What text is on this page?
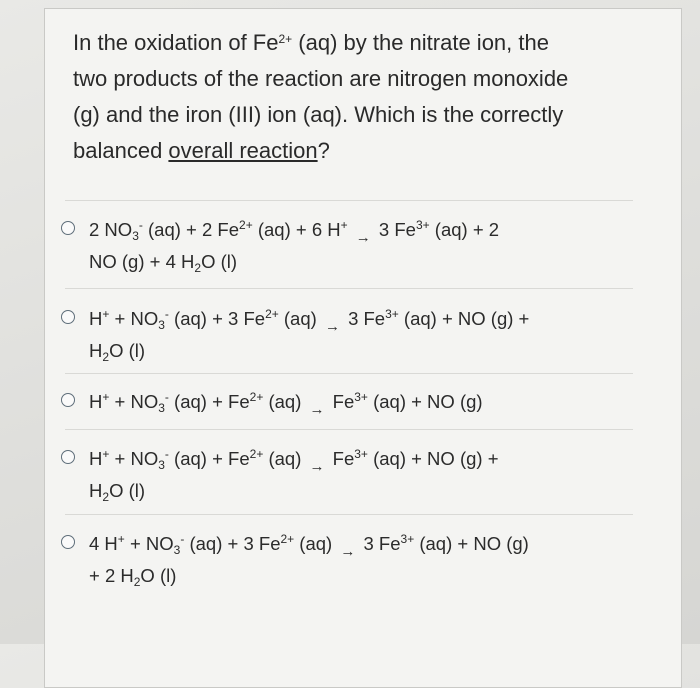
In the oxidation of $Fe^{2+}$ (aq) by the nitrate ion, the
two products of the reaction are nitrogen monoxide
(g) and the iron (III) ion (aq). Which is the correctly
balanced overall reaction?
2 $NO_3^-$ (aq) + 2 $Fe^{2+}$ (aq) + 6 H+ → 3 $Fe^{3+}$ (aq) + 2
NO (g) + 4 $H_2O$ (l)
$H^+ + NO_3^-$ (aq) + 3 $Fe^{2+}$ (aq) → 3 $Fe^{3+}$ (aq) + NO (g) +
$H_2O$ (l)
$H^+ + NO_3^-$ $(aq) + Fe^{2+}$ $(aq) \to Fe^{3+}$ (aq) + NO (g)
$H^+ + NO_3^-$ $(aq) + Fe^{2+}$ $(aq) \to Fe^{3+}$ (aq) + NO (g) +
$H_2O$ (l)
4 $H^+ + NO_3^-$ (aq) + 3 $Fe^{2+}$ (aq) → 3 $Fe^{3+}$ (aq) + NO (g)
+ 2 $H_2O$ (l)
